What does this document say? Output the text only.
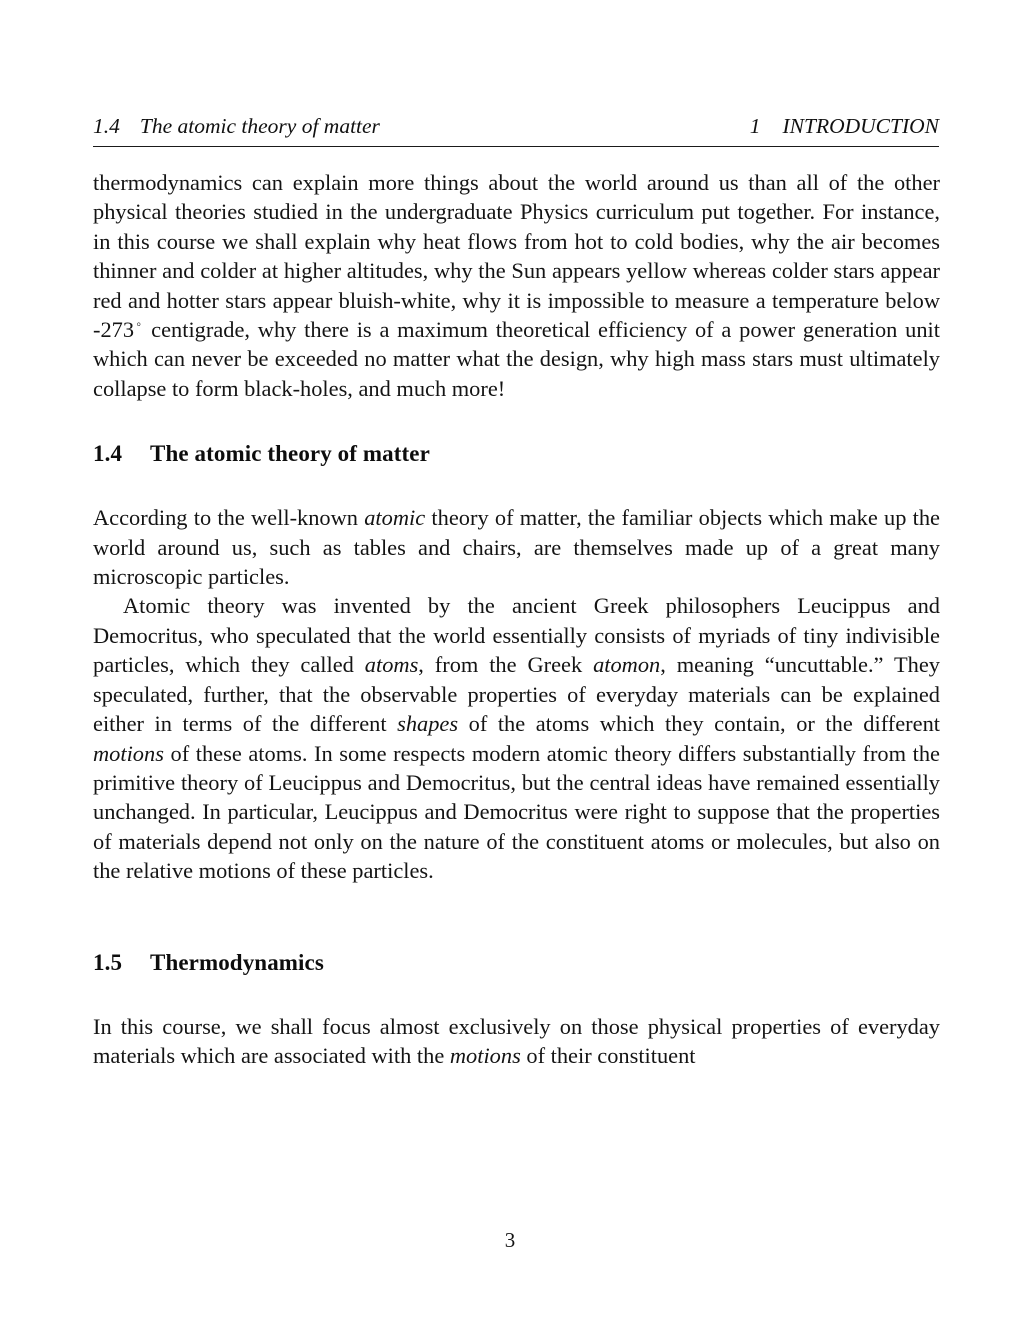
1.4 The atomic theory of matter	1 INTRODUCTION

thermodynamics can explain more things about the world around us than all of the other physical theories studied in the undergraduate Physics curriculum put together. For instance, in this course we shall explain why heat flows from hot to cold bodies, why the air becomes thinner and colder at higher altitudes, why the Sun appears yellow whereas colder stars appear red and hotter stars appear bluish-white, why it is impossible to measure a temperature below -273◦ centigrade, why there is a maximum theoretical efficiency of a power generation unit which can never be exceeded no matter what the design, why high mass stars must ultimately collapse to form black-holes, and much more!

1.4	The atomic theory of matter

According to the well-known atomic theory of matter, the familiar objects which make up the world around us, such as tables and chairs, are themselves made up of a great many microscopic particles.

Atomic theory was invented by the ancient Greek philosophers Leucippus and Democritus, who speculated that the world essentially consists of myriads of tiny indivisible particles, which they called atoms, from the Greek atomon, meaning “uncuttable.” They speculated, further, that the observable properties of everyday materials can be explained either in terms of the different shapes of the atoms which they contain, or the different motions of these atoms. In some respects modern atomic theory differs substantially from the primitive theory of Leucippus and Democritus, but the central ideas have remained essentially unchanged. In particular, Leucippus and Democritus were right to suppose that the properties of materials depend not only on the nature of the constituent atoms or molecules, but also on the relative motions of these particles.

1.5	Thermodynamics

In this course, we shall focus almost exclusively on those physical properties of everyday materials which are associated with the motions of their constituent

3
